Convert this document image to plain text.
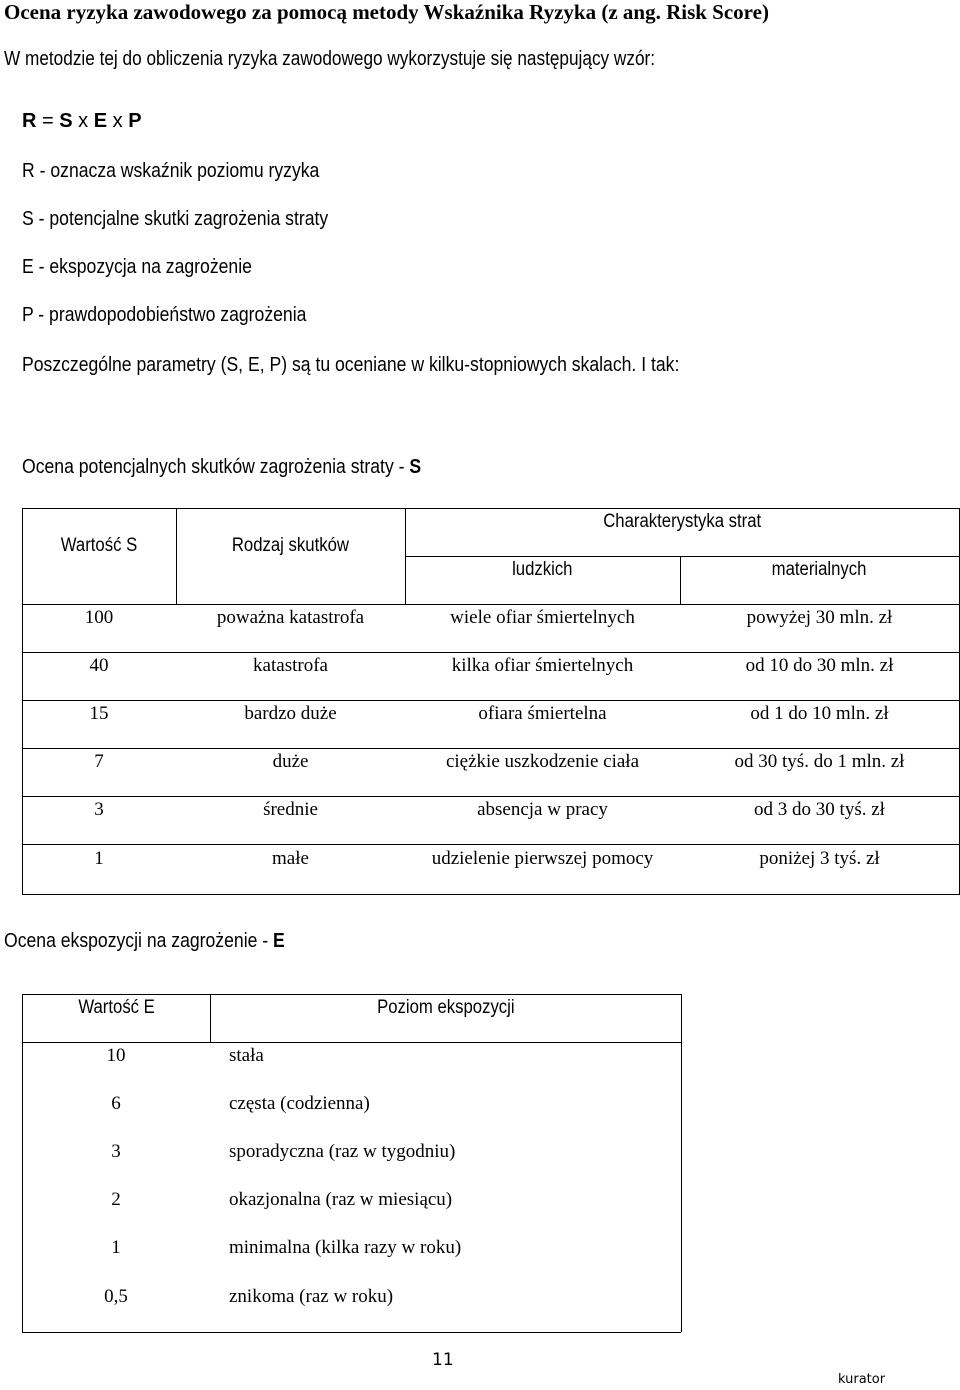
Ocena ryzyka zawodowego za pomocą metody Wskaźnika Ryzyka (z ang. Risk Score)
W metodzie tej do obliczenia ryzyka zawodowego wykorzystuje się następujący wzór:
R = S x E x P
R - oznacza wskaźnik poziomu ryzyka
S - potencjalne skutki zagrożenia straty
E - ekspozycja na zagrożenie
P - prawdopodobieństwo zagrożenia
Poszczególne parametry (S, E, P) są tu oceniane w kilku-stopniowych skalach. I tak:
Ocena potencjalnych skutków zagrożenia straty - S
Wartość S	Rodzaj skutków
Charakterystyka strat
ludzkich	materialnych
100	poważna katastrofa	wiele ofiar śmiertelnych	powyżej 30 mln. zł
40	katastrofa	kilka ofiar śmiertelnych	od 10 do 30 mln. zł
15	bardzo duże	ofiara śmiertelna	od 1 do 10 mln. zł
7	duże	ciężkie uszkodzenie ciała	od 30 tyś. do 1 mln. zł
3	średnie	absencja w pracy	od 3 do 30 tyś. zł
1	małe	udzielenie pierwszej pomocy	poniżej 3 tyś. zł
Ocena ekspozycji na zagrożenie - E
Wartość E	Poziom ekspozycji
10	stała
6	częsta (codzienna)
3	sporadyczna (raz w tygodniu)
2	okazjonalna (raz w miesiącu)
1	minimalna (kilka razy w roku)
0,5	znikoma (raz w roku)
11
kurator
